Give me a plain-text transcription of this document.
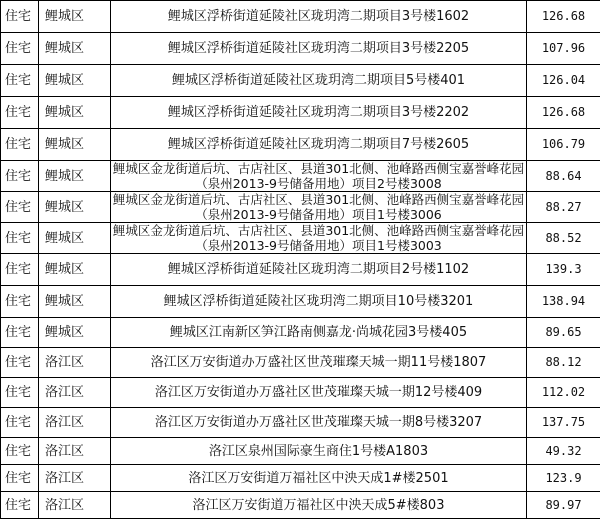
住宅	鲤城区	鲤城区浮桥街道延陵社区珑玥湾二期项目3号楼1602	126.68
住宅	鲤城区	鲤城区浮桥街道延陵社区珑玥湾二期项目3号楼2205	107.96
住宅	鲤城区	鲤城区浮桥街道延陵社区珑玥湾二期项目5号楼401	126.04
住宅	鲤城区	鲤城区浮桥街道延陵社区珑玥湾二期项目3号楼2202	126.68
住宅	鲤城区	鲤城区浮桥街道延陵社区珑玥湾二期项目7号楼2605	106.79
住宅	鲤城区	鲤城区金龙街道后坑、古店社区、县道301北侧、池峰路西侧宝嘉誉峰花园（泉州2013-9号储备用地）项目2号楼3008	88.64
住宅	鲤城区	鲤城区金龙街道后坑、古店社区、县道301北侧、池峰路西侧宝嘉誉峰花园（泉州2013-9号储备用地）项目1号楼3006	88.27
住宅	鲤城区	鲤城区金龙街道后坑、古店社区、县道301北侧、池峰路西侧宝嘉誉峰花园（泉州2013-9号储备用地）项目1号楼3003	88.52
住宅	鲤城区	鲤城区浮桥街道延陵社区珑玥湾二期项目2号楼1102	139.3
住宅	鲤城区	鲤城区浮桥街道延陵社区珑玥湾二期项目10号楼3201	138.94
住宅	鲤城区	鲤城区江南新区笋江路南侧嘉龙·尚城花园3号楼405	89.65
住宅	洛江区	洛江区万安街道办万盛社区世茂璀璨天城一期11号楼1807	88.12
住宅	洛江区	洛江区万安街道办万盛社区世茂璀璨天城一期12号楼409	112.02
住宅	洛江区	洛江区万安街道办万盛社区世茂璀璨天城一期8号楼3207	137.75
住宅	洛江区	洛江区泉州国际豪生商住1号楼A1803	49.32
住宅	洛江区	洛江区万安街道万福社区中泱天成1#楼2501	123.9
住宅	洛江区	洛江区万安街道万福社区中泱天成5#楼803	89.97
